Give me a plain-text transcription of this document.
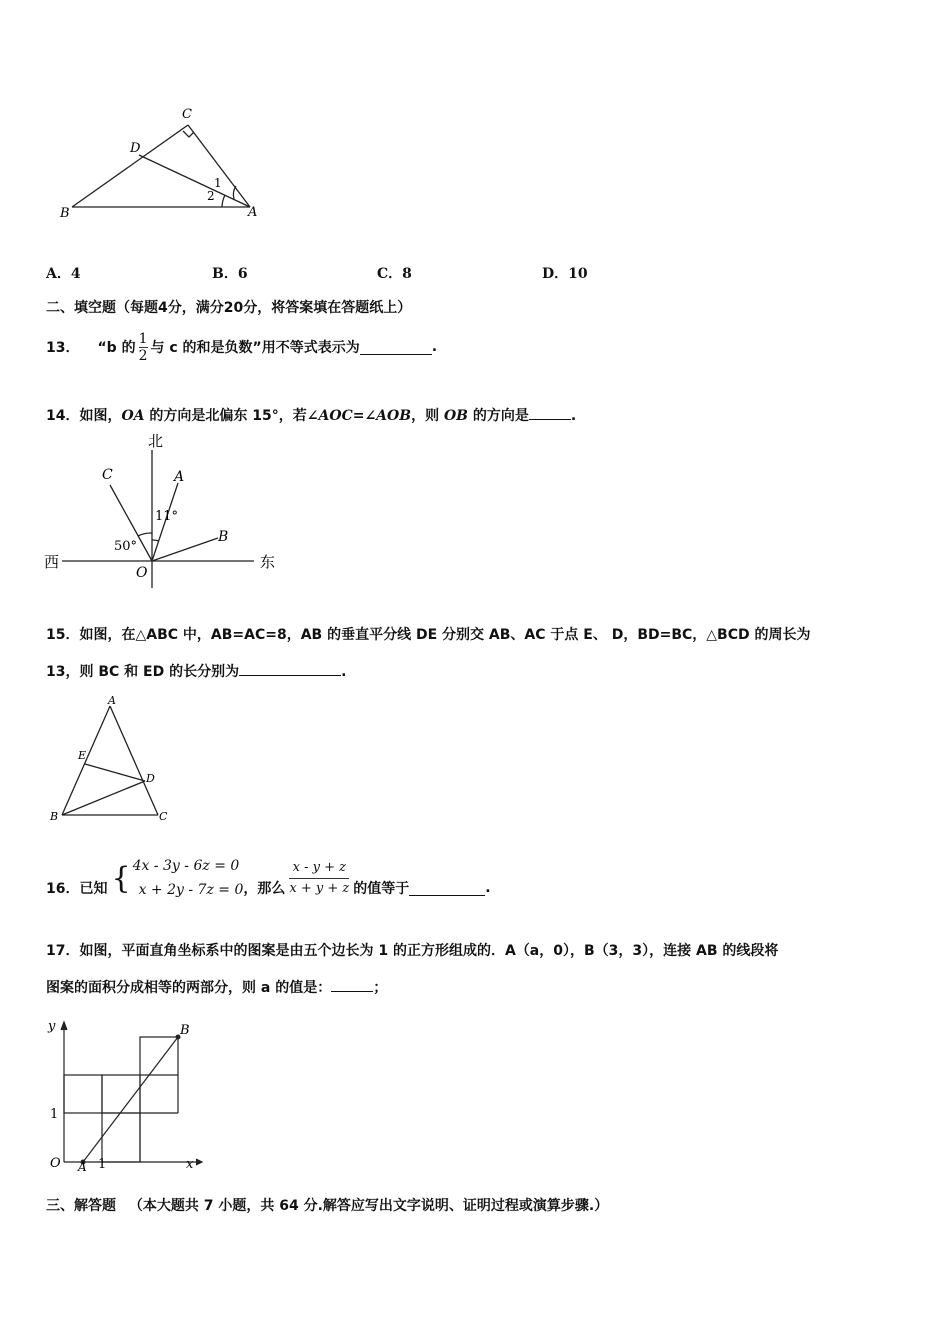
C
D
B	A
1
2
A．4	B．6	C．8	D．10
二、填空题（每题4分，满分20分，将答案填在答题纸上）
13． “b 的 $\frac{1}{2}$ 与 c 的和是负数”用不等式表示为	.
14．如图，OA 的方向是北偏东 15°，若∠AOC=∠AOB，则 OB 的方向是	.
北
西	东
C	A
B
O
11°
50°
15．如图，在△ABC 中，AB=AC=8，AB 的垂直平分线 DE 分别交 AB、AC 于点 E、 D，BD=BC，△BCD 的周长为
13，则 BC 和 ED 的长分别为	.
A
E
D
B	C
16．已知 { 4x - 3y - 6z = 0
x + 2y - 7z = 0 ，那么 $\frac{x - y + z}{x + y + z}$ 的值等于	.
17．如图，平面直角坐标系中的图案是由五个边长为 1 的正方形组成的．A（a，0），B（3，3），连接 AB 的线段将
图案的面积分成相等的两部分，则 a 的值是：	；
y	B
1
O A 1	x
三、解答题 （本大题共 7 小题，共 64 分.解答应写出文字说明、证明过程或演算步骤.）
